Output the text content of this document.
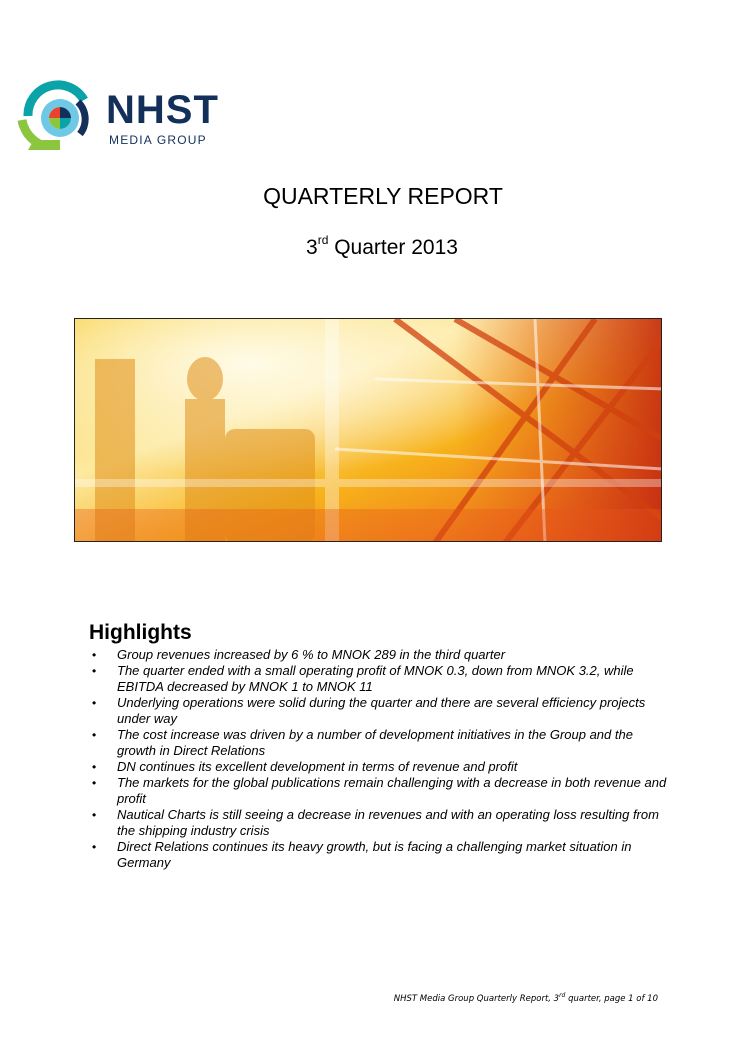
NHST
MEDIA GROUP
QUARTERLY REPORT
3rd Quarter 2013
Highlights
• Group revenues increased by 6 % to MNOK 289 in the third quarter
• The quarter ended with a small operating profit of MNOK 0.3, down from MNOK 3.2, while EBITDA decreased by MNOK 1 to MNOK 11
• Underlying operations were solid during the quarter and there are several efficiency projects under way
• The cost increase was driven by a number of development initiatives in the Group and the growth in Direct Relations
• DN continues its excellent development in terms of revenue and profit
• The markets for the global publications remain challenging with a decrease in both revenue and profit
• Nautical Charts is still seeing a decrease in revenues and with an operating loss resulting from the shipping industry crisis
• Direct Relations continues its heavy growth, but is facing a challenging market situation in Germany
NHST Media Group Quarterly Report, 3rd quarter, page 1 of 10
